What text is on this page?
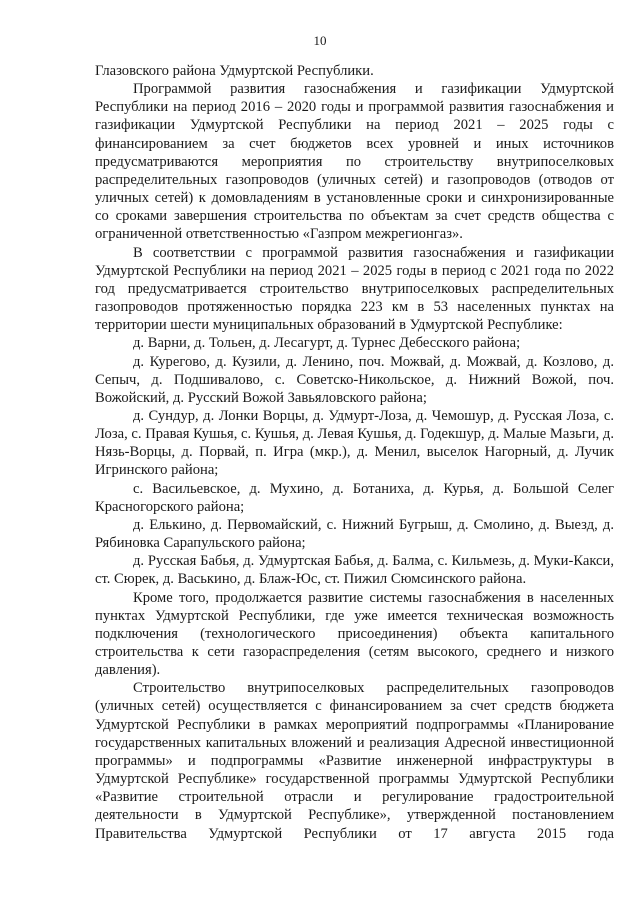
10

Глазовского района Удмуртской Республики.

Программой развития газоснабжения и газификации Удмуртской Республики на период 2016 – 2020 годы и программой развития газоснабжения и газификации Удмуртской Республики на период 2021 – 2025 годы с финансированием за счет бюджетов всех уровней и иных источников предусматриваются мероприятия по строительству внутрипоселковых распределительных газопроводов (уличных сетей) и газопроводов (отводов от уличных сетей) к домовладениям в установленные сроки и синхронизированные со сроками завершения строительства по объектам за счет средств общества с ограниченной ответственностью «Газпром межрегионгаз».

В соответствии с программой развития газоснабжения и газификации Удмуртской Республики на период 2021 – 2025 годы в период с 2021 года по 2022 год предусматривается строительство внутрипоселковых распределительных газопроводов протяженностью порядка 223 км в 53 населенных пунктах на территории шести муниципальных образований в Удмуртской Республике:

д. Варни, д. Тольен, д. Лесагурт, д. Турнес Дебесского района;

д. Курегово, д. Кузили, д. Ленино, поч. Можвай, д. Можвай, д. Козлово, д. Сепыч, д. Подшивалово, с. Советско-Никольское, д. Нижний Вожой, поч. Вожойский, д. Русский Вожой Завьяловского района;

д. Сундур, д. Лонки Ворцы, д. Удмурт-Лоза, д. Чемошур, д. Русская Лоза, с. Лоза, с. Правая Кушья, с. Кушья, д. Левая Кушья, д. Годекшур, д. Малые Мазьги, д. Нязь-Ворцы, д. Порвай, п. Игра (мкр.), д. Менил, выселок Нагорный, д. Лучик Игринского района;

с. Васильевское, д. Мухино, д. Ботаниха, д. Курья, д. Большой Селег Красногорского района;

д. Елькино, д. Первомайский, с. Нижний Бугрыш, д. Смолино, д. Выезд, д. Рябиновка Сарапульского района;

д. Русская Бабья, д. Удмуртская Бабья, д. Балма, с. Кильмезь, д. Муки-Какси, ст. Сюрек, д. Васькино, д. Блаж-Юс, ст. Пижил Сюмсинского района.

Кроме того, продолжается развитие системы газоснабжения в населенных пунктах Удмуртской Республики, где уже имеется техническая возможность подключения (технологического присоединения) объекта капитального строительства к сети газораспределения (сетям высокого, среднего и низкого давления).

Строительство внутрипоселковых распределительных газопроводов (уличных сетей) осуществляется с финансированием за счет средств бюджета Удмуртской Республики в рамках мероприятий подпрограммы «Планирование государственных капитальных вложений и реализация Адресной инвестиционной программы» и подпрограммы «Развитие инженерной инфраструктуры в Удмуртской Республике» государственной программы Удмуртской Республики «Развитие строительной отрасли и регулирование градостроительной деятельности в Удмуртской Республике», утвержденной постановлением Правительства Удмуртской Республики от 17 августа 2015 года
